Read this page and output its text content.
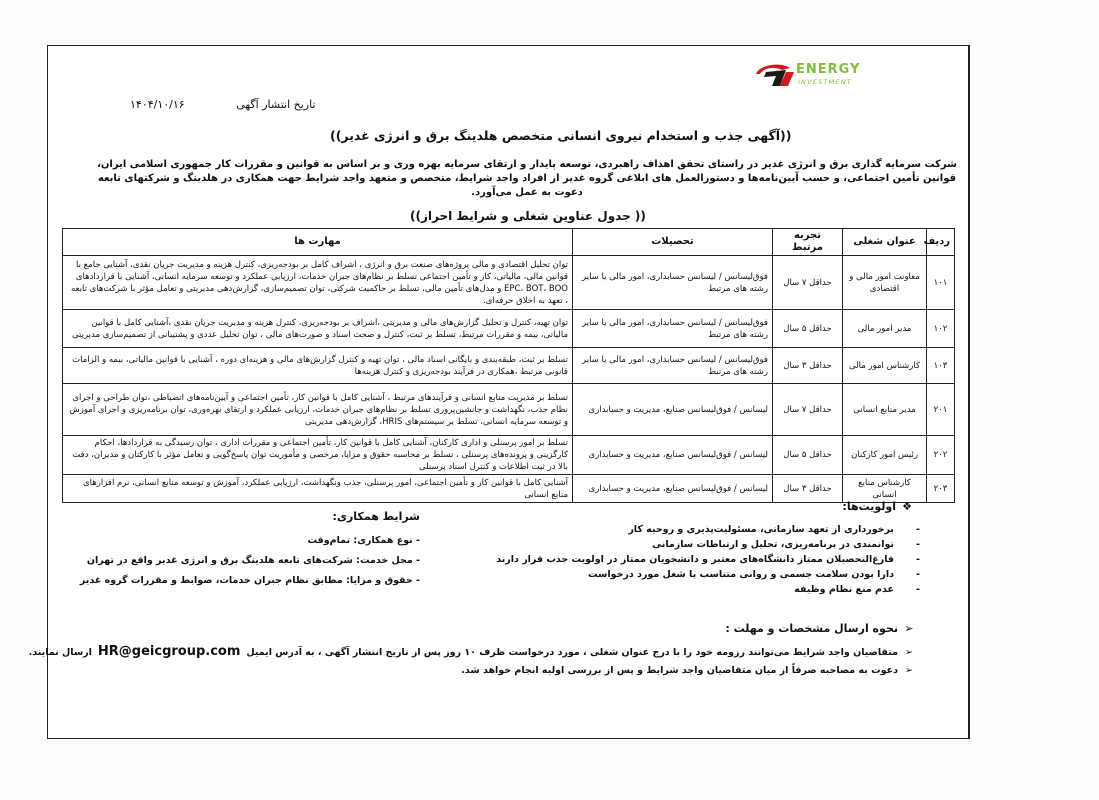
ENERGY
INVESTMENT
تاریخ انتشار آگهی ۱۴۰۴/۱۰/۱۶
((آگهی جذب و استخدام نیروی انسانی متخصص هلدینگ برق و انرژی غدیر))
شرکت سرمایه گذاری برق و انرژی غدیر در راستای تحقق اهداف راهبردی، توسعه پایدار و ارتقای سرمایه بهره وری و بر اساس به قوانین و مقررات کار جمهوری اسلامی ایران، قوانین تأمین اجتماعی، و حسب آیین‌نامه‌ها و دستورالعمل های ابلاغی گروه غدیر از افراد واجد شرایط، متخصص و متعهد واجد شرایط جهت همکاری در هلدینگ و شرکتهای تابعه دعوت به عمل می‌آورد.
(( جدول عناوین شغلی و شرایط احراز))
ردیف	عنوان شغلی	تجربه مرتبط	تحصیلات	مهارت ها
۱۰۱	معاونت امور مالی و اقتصادی	حداقل ۷ سال	فوق‌لیسانس / لیسانس حسابداری، امور مالی یا سایر رشته های مرتبط	توان تحلیل اقتصادی و مالی پروژه‌های صنعت برق و انرژی ، اشراف کامل بر بودجه‌ریزی، کنترل هزینه و مدیریت جریان نقدی، آشنایی جامع با قوانین مالی، مالیاتی، کار و تأمین اجتماعی تسلط بر نظام‌های جبران خدمات، ارزیابی عملکرد و توسعه سرمایه انسانی، آشنایی با قراردادهای EPC، BOT، BOO و مدل‌های تأمین مالی، تسلط بر حاکمیت شرکتی، توان تصمیم‌سازی، گزارش‌دهی مدیریتی و تعامل مؤثر با شرکت‌های تابعه ، تعهد به اخلاق حرفه‌ای.
۱۰۲	مدیر امور مالی	حداقل ۵ سال	فوق‌لیسانس / لیسانس حسابداری، امور مالی یا سایر رشته های مرتبط	توان تهیه، کنترل و تحلیل گزارش‌های مالی و مدیریتی ،اشراف بر بودجه‌ریزی، کنترل هزینه و مدیریت جریان نقدی ،آشنایی کامل با قوانین مالیاتی، بیمه و مقررات مرتبط، تسلط بر ثبت، کنترل و صحت اسناد و صورت‌های مالی ، توان تحلیل عددی و پشتیبانی از تصمیم‌سازی مدیریتی
۱۰۳	کارشناس امور مالی	حداقل ۳ سال	فوق‌لیسانس / لیسانس حسابداری، امور مالی یا سایر رشته های مرتبط	تسلط بر ثبت، طبقه‌بندی و بایگانی اسناد مالی ، توان تهیه و کنترل گزارش‌های مالی و هزینه‌ای دوره ، آشنایی با قوانین مالیاتی، بیمه و الزامات قانونی مرتبط ،همکاری در فرآیند بودجه‌ریزی و کنترل هزینه‌ها
۲۰۱	مدیر منابع انسانی	حداقل ۷ سال	لیسانس / فوق‌لیسانس صنایع، مدیریت و حسابداری	تسلط بر مدیریت منابع انسانی و فرآیندهای مرتبط ، آشنایی کامل با قوانین کار، تأمین اجتماعی و آیین‌نامه‌های انضباطی ،توان طراحی و اجرای نظام جذب، نگهداشت و جانشین‌پروری تسلط بر نظام‌های جبران خدمات، ارزیابی عملکرد و ارتقای بهره‌وری، توان برنامه‌ریزی و اجرای آموزش و توسعه سرمایه انسانی، تسلط بر سیستم‌های HRIS، گزارش‌دهی مدیریتی
۲۰۲	رئیس امور کارکنان	حداقل ۵ سال	لیسانس / فوق‌لیسانس صنایع، مدیریت و حسابداری	تسلط بر امور پرسنلی و اداری کارکنان، آشنایی کامل با قوانین کار، تأمین اجتماعی و مقررات اداری ، توان رسیدگی به قراردادها، احکام کارگزینی و پرونده‌های پرسنلی ، تسلط بر محاسبه حقوق و مزایا، مرخصی و مأموریت توان پاسخ‌گویی و تعامل مؤثر با کارکنان و مدیران، دقت بالا در ثبت اطلاعات و کنترل اسناد پرسنلی
۲۰۳	کارشناس منابع انسانی	حداقل ۳ سال	لیسانس / فوق‌لیسانس صنایع، مدیریت و حسابداری	آشنایی کامل با قوانین کار و تأمین اجتماعی، امور پرسنلی، جذب ونگهداشت، ارزیابی عملکرد، آموزش و توسعه منابع انسانی، نرم افزارهای منابع انسانی
❖اولویت‌ها:
-برخورداری از تعهد سازمانی، مسئولیت‌پذیری و روحیه کار
-توانمندی در برنامه‌ریزی، تحلیل و ارتباطات سازمانی
-فارغ‌التحصیلان ممتاز دانشگاه‌های معتبر و دانشجویان ممتاز در اولویت جذب قرار دارند
-دارا بودن سلامت جسمی و روانی متناسب با شغل مورد درخواست
-عدم منع نظام وظیفه
شرایط همکاری:
- نوع همکاری: تمام‌وقت
- محل خدمت: شرکت‌های تابعه هلدینگ برق و انرژی غدیر واقع در تهران
- حقوق و مزایا: مطابق نظام جبران خدمات، ضوابط و مقررات گروه غدیر
➢نحوه ارسال مشخصات و مهلت :
➢متقاضیان واجد شرایط می‌توانند رزومه خود را با درج عنوان شغلی ، مورد درخواست ظرف ۱۰ روز پس از تاریخ انتشار آگهی ، به آدرس ایمیلHR@geicgroup.comارسال نمایند.
➢دعوت به مصاحبه صرفاً از میان متقاضیان واجد شرایط و پس از بررسی اولیه انجام خواهد شد.
